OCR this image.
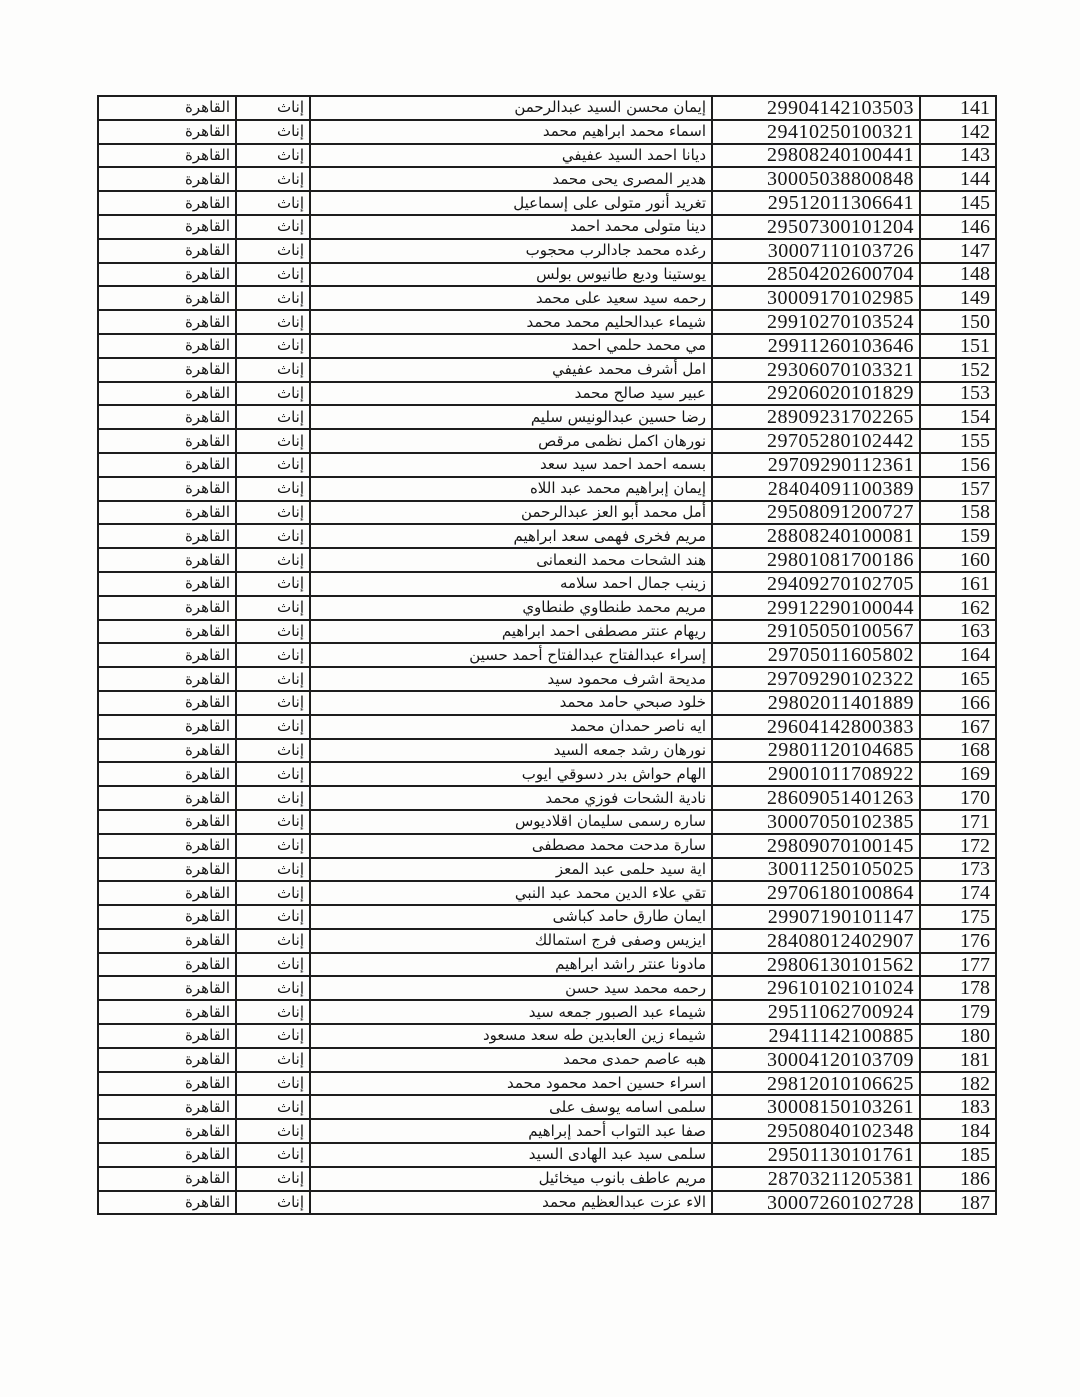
141	29904142103503	إيمان محسن السيد عبدالرحمن	إناث	القاهرة
142	29410250100321	اسماء محمد ابراهيم محمد	إناث	القاهرة
143	29808240100441	ديانا احمد السيد عفيفي	إناث	القاهرة
144	30005038800848	هدير المصرى يحى محمد	إناث	القاهرة
145	29512011306641	تغريد أنور متولى على إسماعيل	إناث	القاهرة
146	29507300101204	دينا متولى محمد احمد	إناث	القاهرة
147	30007110103726	رغده محمد جادالرب محجوب	إناث	القاهرة
148	28504202600704	يوستينا وديع طانيوس بولس	إناث	القاهرة
149	30009170102985	رحمه سيد سعيد على محمد	إناث	القاهرة
150	29910270103524	شيماء عبدالحليم محمد محمد	إناث	القاهرة
151	29911260103646	مي محمد حلمي احمد	إناث	القاهرة
152	29306070103321	امل أشرف محمد عفيفي	إناث	القاهرة
153	29206020101829	عبير سيد صالح محمد	إناث	القاهرة
154	28909231702265	رضا حسين عبدالونيس سليم	إناث	القاهرة
155	29705280102442	نورهان اكمل نظمى مرقص	إناث	القاهرة
156	29709290112361	بسمه احمد احمد سيد سعد	إناث	القاهرة
157	28404091100389	إيمان إبراهيم محمد عبد اللاه	إناث	القاهرة
158	29508091200727	أمل محمد أبو العز عبدالرحمن	إناث	القاهرة
159	28808240100081	مريم فخرى فهمى سعد ابراهيم	إناث	القاهرة
160	29801081700186	هند الشحات محمد النعمانى	إناث	القاهرة
161	29409270102705	زينب جمال احمد سلامه	إناث	القاهرة
162	29912290100044	مريم محمد طنطاوي طنطاوي	إناث	القاهرة
163	29105050100567	ريهام عنتر مصطفى احمد ابراهيم	إناث	القاهرة
164	29705011605802	إسراء عبدالفتاح عبدالفتاح أحمد حسين	إناث	القاهرة
165	29709290102322	مديحة اشرف محمود سيد	إناث	القاهرة
166	29802011401889	خلود صبحي حامد محمد	إناث	القاهرة
167	29604142800383	ايه ناصر حمدان محمد	إناث	القاهرة
168	29801120104685	نورهان رشد جمعه السيد	إناث	القاهرة
169	29001011708922	الهام حواش بدر دسوقي ايوب	إناث	القاهرة
170	28609051401263	نادية الشحات فوزي محمد	إناث	القاهرة
171	30007050102385	ساره رسمى سليمان اقلاديوس	إناث	القاهرة
172	29809070100145	سارة مدحت محمد مصطفى	إناث	القاهرة
173	30011250105025	اية سيد حلمى عبد المعز	إناث	القاهرة
174	29706180100864	تقي علاء الدين محمد عبد النبي	إناث	القاهرة
175	29907190101147	ايمان طارق حامد كباشى	إناث	القاهرة
176	28408012402907	ايزيس وصفى فرج استمالك	إناث	القاهرة
177	29806130101562	مادونا عنتر راشد ابراهيم	إناث	القاهرة
178	29610102101024	رحمه محمد سيد حسن	إناث	القاهرة
179	29511062700924	شيماء عبد الصبور جمعه سيد	إناث	القاهرة
180	29411142100885	شيماء زين العابدين طه سعد مسعود	إناث	القاهرة
181	30004120103709	هبه عاصم حمدى محمد	إناث	القاهرة
182	29812010106625	اسراء حسين احمد محمود محمد	إناث	القاهرة
183	30008150103261	سلمى اسامه يوسف على	إناث	القاهرة
184	29508040102348	صفا عبد التواب أحمد إبراهيم	إناث	القاهرة
185	29501130101761	سلمى سيد عبد الهادى السيد	إناث	القاهرة
186	28703211205381	مريم عاطف بانوب ميخائيل	إناث	القاهرة
187	30007260102728	الاء عزت عبدالعظيم محمد	إناث	القاهرة
